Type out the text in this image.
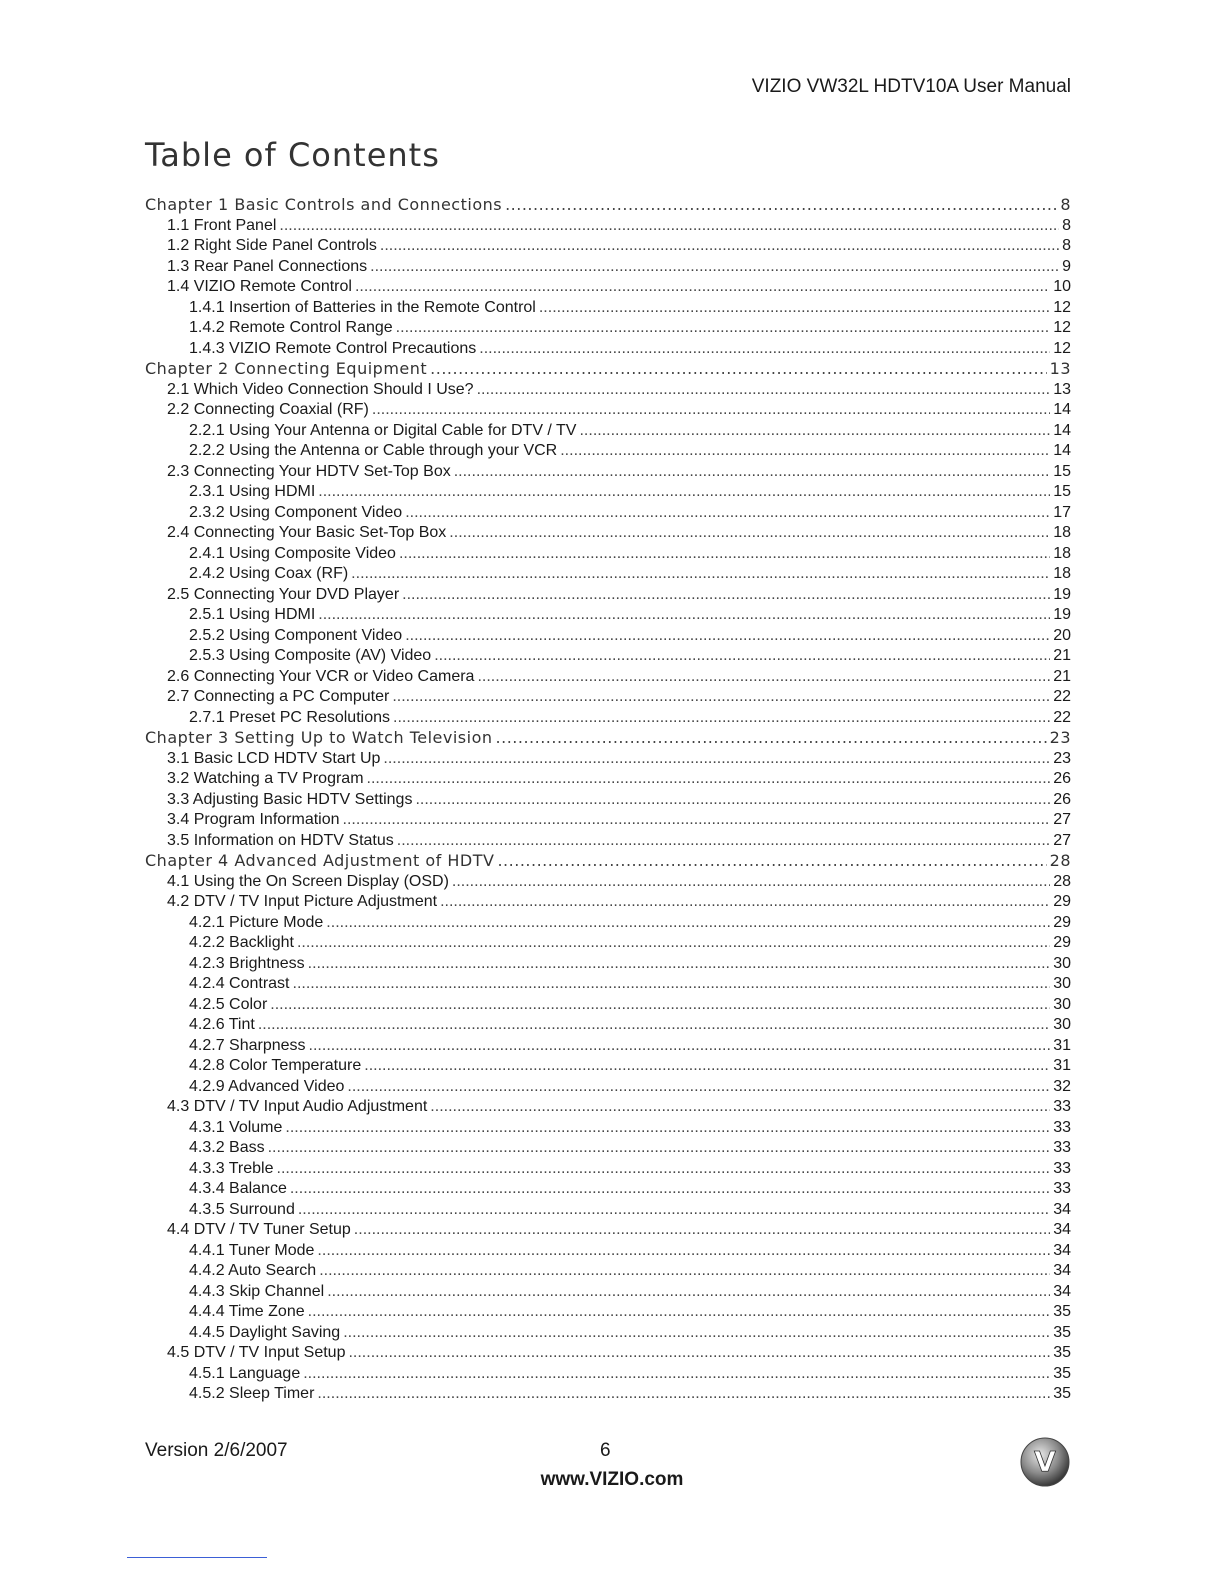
VIZIO VW32L HDTV10A User Manual
Table of Contents
Chapter 1 Basic Controls and Connections .....	8
1.1 Front Panel .....	8
1.2 Right Side Panel Controls .....	8
1.3 Rear Panel Connections .....	9
1.4 VIZIO Remote Control .....	10
1.4.1 Insertion of Batteries in the Remote Control .....	12
1.4.2 Remote Control Range .....	12
1.4.3 VIZIO Remote Control Precautions .....	12
Chapter 2 Connecting Equipment .....	13
2.1 Which Video Connection Should I Use? .....	13
2.2 Connecting Coaxial (RF) .....	14
2.2.1 Using Your Antenna or Digital Cable for DTV / TV .....	14
2.2.2 Using the Antenna or Cable through your VCR .....	14
2.3 Connecting Your HDTV Set-Top Box .....	15
2.3.1 Using HDMI .....	15
2.3.2 Using Component Video .....	17
2.4 Connecting Your Basic Set-Top Box .....	18
2.4.1 Using Composite Video .....	18
2.4.2 Using Coax (RF) .....	18
2.5 Connecting Your DVD Player .....	19
2.5.1 Using HDMI .....	19
2.5.2 Using Component Video .....	20
2.5.3 Using Composite (AV) Video .....	21
2.6 Connecting Your VCR or Video Camera .....	21
2.7 Connecting a PC Computer .....	22
2.7.1 Preset PC Resolutions .....	22
Chapter 3 Setting Up to Watch Television .....	23
3.1 Basic LCD HDTV Start Up .....	23
3.2 Watching a TV Program .....	26
3.3 Adjusting Basic HDTV Settings .....	26
3.4 Program Information .....	27
3.5 Information on HDTV Status .....	27
Chapter 4 Advanced Adjustment of HDTV .....	28
4.1 Using the On Screen Display (OSD) .....	28
4.2 DTV / TV Input Picture Adjustment .....	29
4.2.1 Picture Mode .....	29
4.2.2 Backlight .....	29
4.2.3 Brightness .....	30
4.2.4 Contrast .....	30
4.2.5 Color .....	30
4.2.6 Tint .....	30
4.2.7 Sharpness .....	31
4.2.8 Color Temperature .....	31
4.2.9 Advanced Video .....	32
4.3 DTV / TV Input Audio Adjustment .....	33
4.3.1 Volume .....	33
4.3.2 Bass .....	33
4.3.3 Treble .....	33
4.3.4 Balance .....	33
4.3.5 Surround .....	34
4.4 DTV / TV Tuner Setup .....	34
4.4.1 Tuner Mode .....	34
4.4.2 Auto Search .....	34
4.4.3 Skip Channel .....	34
4.4.4 Time Zone .....	35
4.4.5 Daylight Saving .....	35
4.5 DTV / TV Input Setup .....	35
4.5.1 Language .....	35
4.5.2 Sleep Timer .....	35
Version 2/6/2007	6
www.VIZIO.com
V
